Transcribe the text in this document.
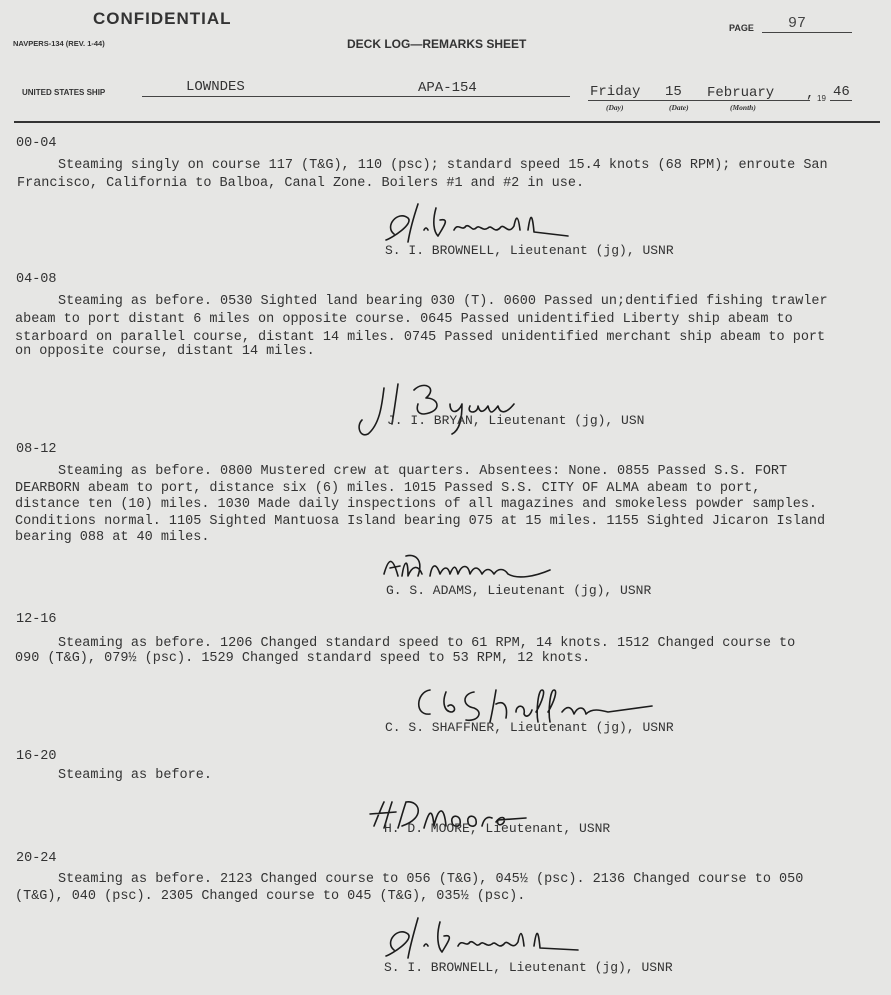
CONFIDENTIAL	PAGE 97
NAVPERS-134 (REV. 1-44)	DECK LOG—REMARKS SHEET
UNITED STATES SHIP	LOWNDES	APA-154	Friday 15 February , 19 46
(Day)	(Date)	(Month)
00-04
Steaming singly on course 117 (T&G), 110 (psc); standard speed 15.4 knots (68 RPM); enroute San
Francisco, California to Balboa, Canal Zone. Boilers #1 and #2 in use.
S. I. BROWNELL, Lieutenant (jg), USNR
04-08
Steaming as before. 0530 Sighted land bearing 030 (T). 0600 Passed un;dentified fishing trawler
abeam to port distant 6 miles on opposite course. 0645 Passed unidentified Liberty ship abeam to
starboard on parallel course, distant 14 miles. 0745 Passed unidentified merchant ship abeam to port
on opposite course, distant 14 miles.
J. I. BRYAN, Lieutenant (jg), USN
08-12
Steaming as before. 0800 Mustered crew at quarters. Absentees: None. 0855 Passed S.S. FORT
DEARBORN abeam to port, distance six (6) miles. 1015 Passed S.S. CITY OF ALMA abeam to port,
distance ten (10) miles. 1030 Made daily inspections of all magazines and smokeless powder samples.
Conditions normal. 1105 Sighted Mantuosa Island bearing 075 at 15 miles. 1155 Sighted Jicaron Island
bearing 088 at 40 miles.
G. S. ADAMS, Lieutenant (jg), USNR
12-16
Steaming as before. 1206 Changed standard speed to 61 RPM, 14 knots. 1512 Changed course to
090 (T&G), 079½ (psc). 1529 Changed standard speed to 53 RPM, 12 knots.
C. S. SHAFFNER, Lieutenant (jg), USNR
16-20
Steaming as before.
H. D. MOORE, Lieutenant, USNR
20-24
Steaming as before. 2123 Changed course to 056 (T&G), 045½ (psc). 2136 Changed course to 050
(T&G), 040 (psc). 2305 Changed course to 045 (T&G), 035½ (psc).
S. I. BROWNELL, Lieutenant (jg), USNR
